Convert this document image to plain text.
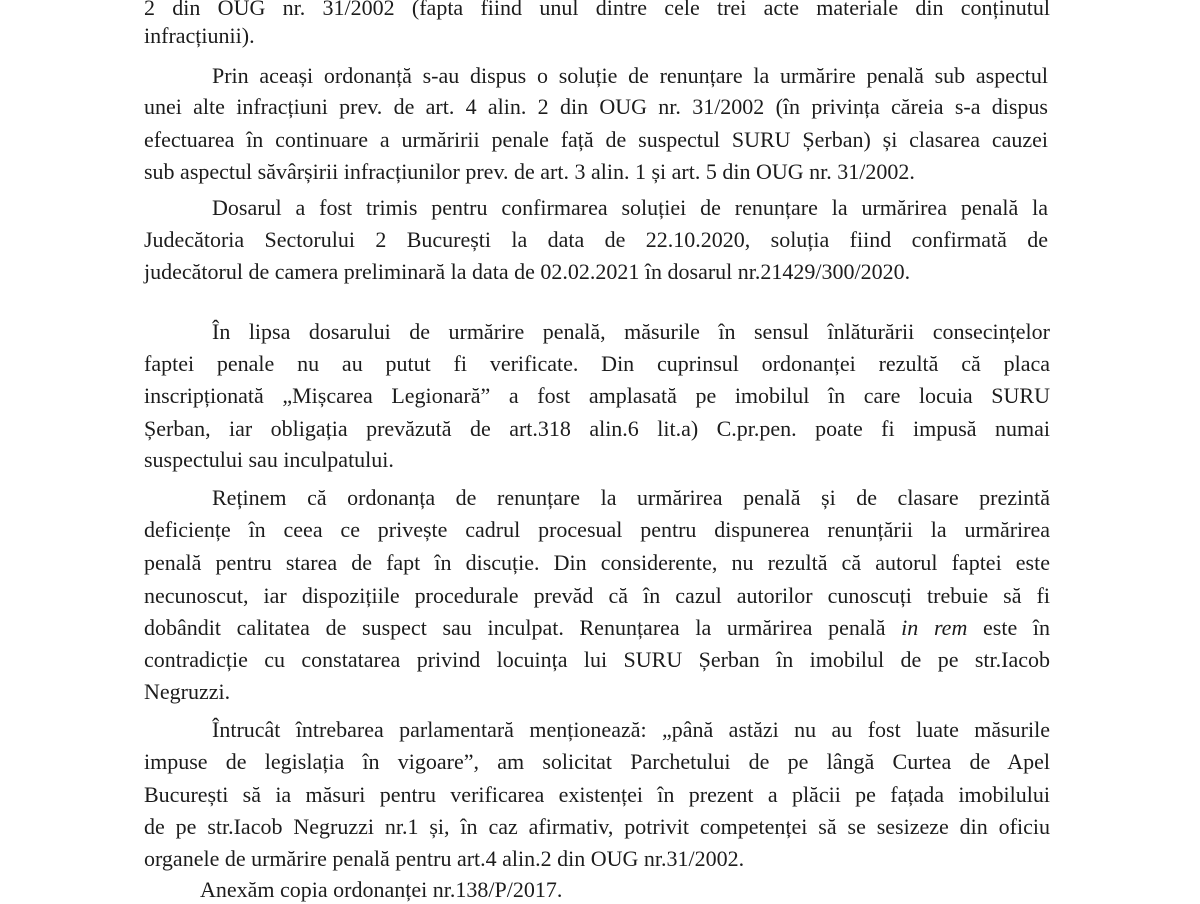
2 din OUG nr. 31/2002 (fapta fiind unul dintre cele trei acte materiale din conținutul
infracțiunii).
Prin aceași ordonanță s-au dispus o soluție de renunțare la urmărire penală sub aspectul
unei alte infracțiuni prev. de art. 4 alin. 2 din OUG nr. 31/2002 (în privința căreia s-a dispus
efectuarea în continuare a urmăririi penale față de suspectul SURU Șerban) și clasarea cauzei
sub aspectul săvârșirii infracțiunilor prev. de art. 3 alin. 1 și art. 5 din OUG nr. 31/2002.
Dosarul a fost trimis pentru confirmarea soluției de renunțare la urmărirea penală la
Judecătoria Sectorului 2 București la data de 22.10.2020, soluția fiind confirmată de
judecătorul de camera preliminară la data de 02.02.2021 în dosarul nr.21429/300/2020.
În lipsa dosarului de urmărire penală, măsurile în sensul înlăturării consecințelor
faptei penale nu au putut fi verificate. Din cuprinsul ordonanței rezultă că placa
inscripționată „Mișcarea Legionară” a fost amplasată pe imobilul în care locuia SURU
Șerban, iar obligația prevăzută de art.318 alin.6 lit.a) C.pr.pen. poate fi impusă numai
suspectului sau inculpatului.
Reținem că ordonanța de renunțare la urmărirea penală și de clasare prezintă
deficiențe în ceea ce privește cadrul procesual pentru dispunerea renunțării la urmărirea
penală pentru starea de fapt în discuție. Din considerente, nu rezultă că autorul faptei este
necunoscut, iar dispozițiile procedurale prevăd că în cazul autorilor cunoscuți trebuie să fi
dobândit calitatea de suspect sau inculpat. Renunțarea la urmărirea penală in rem este în
contradicție cu constatarea privind locuința lui SURU Șerban în imobilul de pe str.Iacob
Negruzzi.
Întrucât întrebarea parlamentară menționează: „până astăzi nu au fost luate măsurile
impuse de legislația în vigoare”, am solicitat Parchetului de pe lângă Curtea de Apel
București să ia măsuri pentru verificarea existenței în prezent a plăcii pe fațada imobilului
de pe str.Iacob Negruzzi nr.1 și, în caz afirmativ, potrivit competenței să se sesizeze din oficiu
organele de urmărire penală pentru art.4 alin.2 din OUG nr.31/2002.
Anexăm copia ordonanței nr.138/P/2017.
